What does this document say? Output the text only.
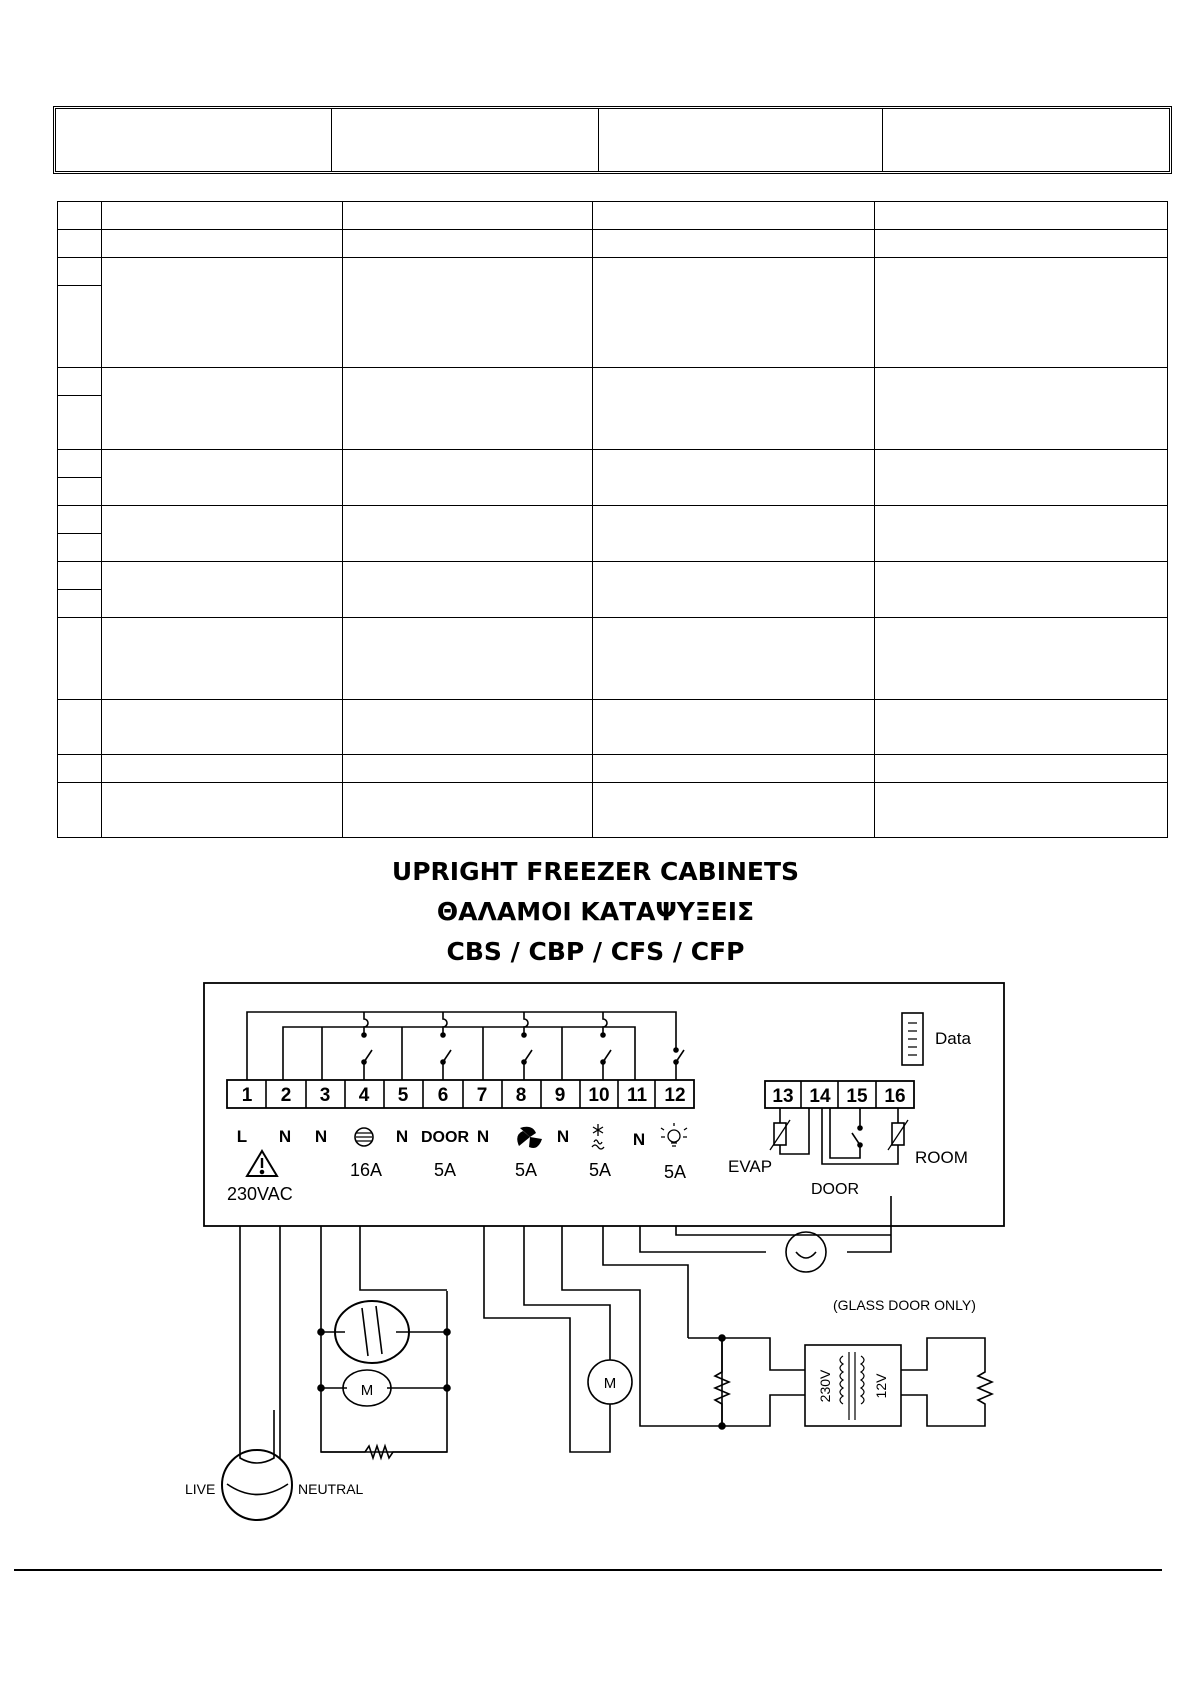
UPRIGHT FREEZER CABINETS
ΘΑΛΑΜΟΙ ΚΑΤΑΨΥΞΕΙΣ
CBS / CBP / CFS / CFP
1 2 3 4 5 6 7 8 9 10 11 12
L N N	N DOOR N	N	N
16A	5A	5A	5A	5A
230VAC
Data
13 14 15 16
EVAP	ROOM
DOOR
LIVE	NEUTRAL
M	M	230V	12V
(GLASS DOOR ONLY)
